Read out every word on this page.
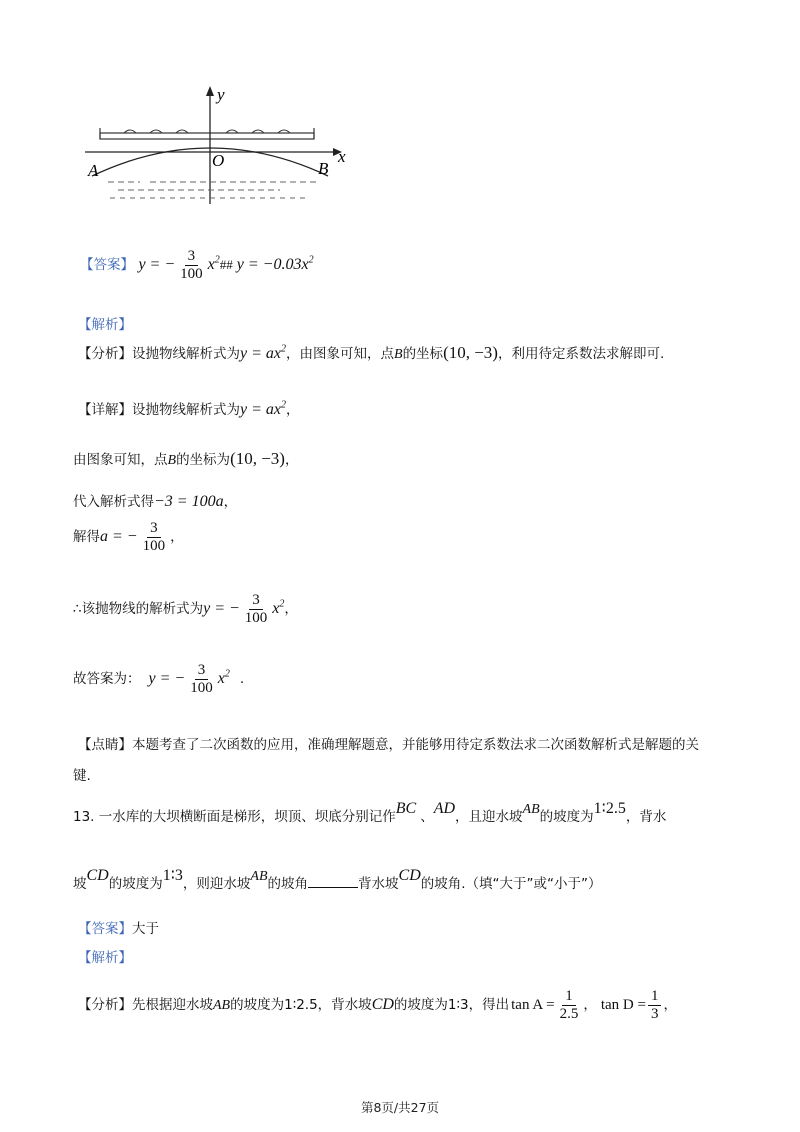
y
x
O
A	B
【答案】 y = − $\frac{3}{100}$ $x^2\#\#$ $y = -0.03x^2$
【解析】
【分析】设抛物线解析式为$y = ax^2$，由图象可知，点B的坐标(10, −3)，利用待定系数法求解即可.
【详解】设抛物线解析式为$y = ax^2$，
由图象可知，点B的坐标为(10, −3)，
代入解析式得−3 = 100a，
解得a = − $\frac{3}{100}$ ，
∴该抛物线的解析式为y = − $\frac{3}{100} x^2$，
故答案为： y = − $\frac{3}{100} x^2$ .
【点睛】本题考查了二次函数的应用，准确理解题意，并能够用待定系数法求二次函数解析式是解题的关
键.
13. 一水库的大坝横断面是梯形，坝顶、坝底分别记作BC 、AD，且迎水坡AB的坡度为1∶2.5，背水
坡CD的坡度为1∶3，则迎水坡AB的坡角	背水坡CD的坡角.（填“大于”或“小于”）
【答案】大于
【解析】
【分析】先根据迎水坡AB的坡度为1∶2.5，背水坡CD的坡度为1∶3，得出 $\tan A = \frac{1}{2.5}$ ， $\tan D = \frac{1}{3}$ ，
第8页/共27页
